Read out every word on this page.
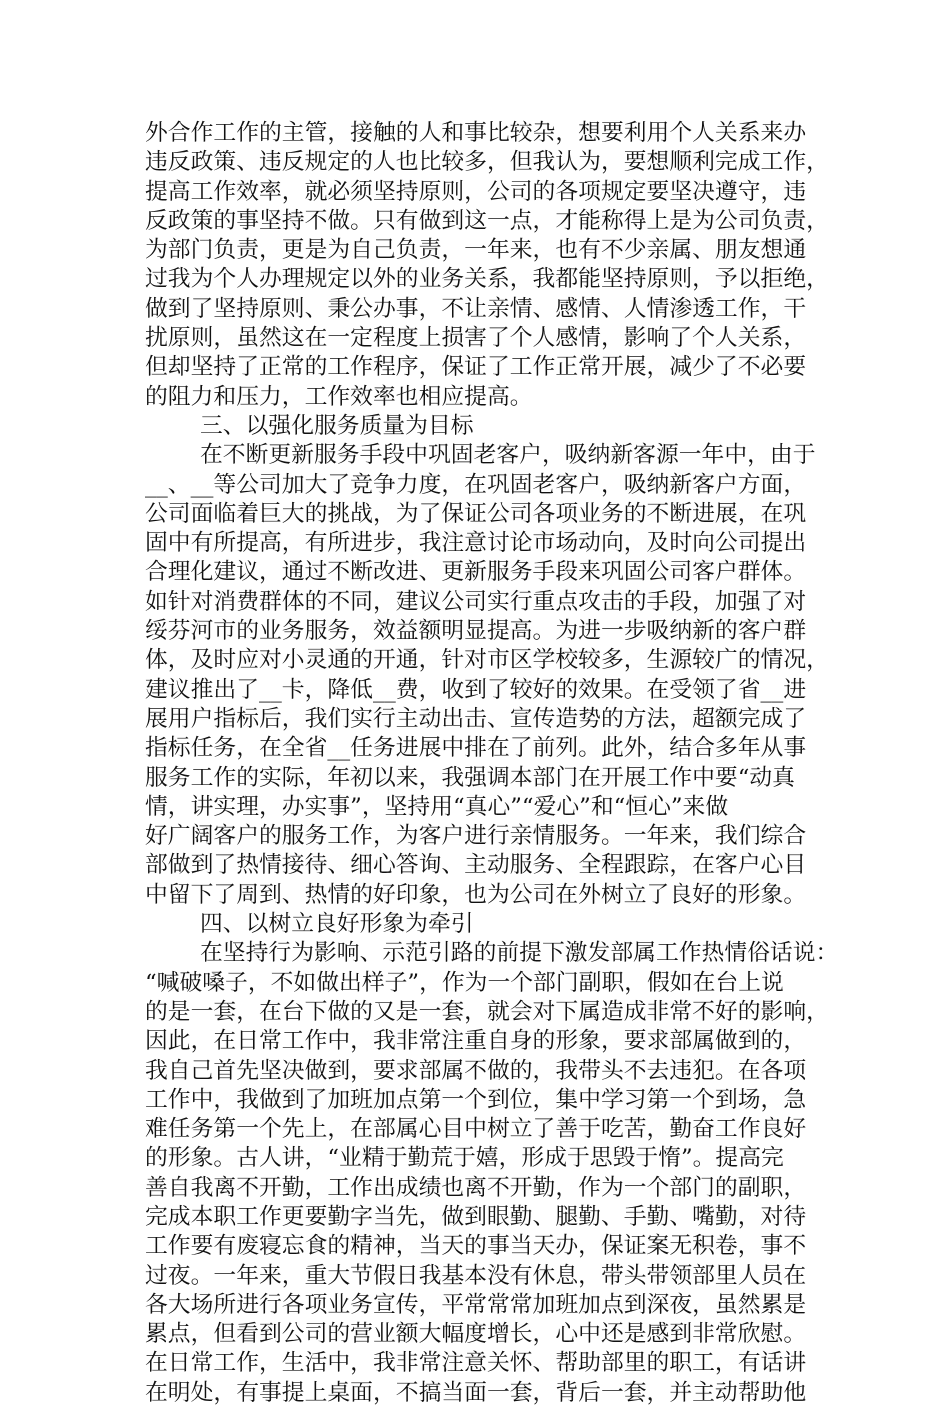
外合作工作的主管，接触的人和事比较杂，想要利用个人关系来办
违反政策、违反规定的人也比较多，但我认为，要想顺利完成工作，
提高工作效率，就必须坚持原则，公司的各项规定要坚决遵守，违
反政策的事坚持不做。只有做到这一点，才能称得上是为公司负责，
为部门负责，更是为自己负责，一年来，也有不少亲属、朋友想通
过我为个人办理规定以外的业务关系，我都能坚持原则，予以拒绝，
做到了坚持原则、秉公办事，不让亲情、感情、人情渗透工作，干
扰原则，虽然这在一定程度上损害了个人感情，影响了个人关系，
但却坚持了正常的工作程序，保证了工作正常开展，减少了不必要
的阻力和压力，工作效率也相应提高。
三、以强化服务质量为目标
在不断更新服务手段中巩固老客户，吸纳新客源一年中，由于
__、__等公司加大了竞争力度，在巩固老客户，吸纳新客户方面，
公司面临着巨大的挑战，为了保证公司各项业务的不断进展，在巩
固中有所提高，有所进步，我注意讨论市场动向，及时向公司提出
合理化建议，通过不断改进、更新服务手段来巩固公司客户群体。
如针对消费群体的不同，建议公司实行重点攻击的手段，加强了对
绥芬河市的业务服务，效益额明显提高。为进一步吸纳新的客户群
体，及时应对小灵通的开通，针对市区学校较多，生源较广的情况，
建议推出了__卡，降低__费，收到了较好的效果。在受领了省__进
展用户指标后，我们实行主动出击、宣传造势的方法，超额完成了
指标任务，在全省__任务进展中排在了前列。此外，结合多年从事
服务工作的实际，年初以来，我强调本部门在开展工作中要“动真
情，讲实理，办实事”，坚持用“真心”“爱心”和“恒心”来做
好广阔客户的服务工作，为客户进行亲情服务。一年来，我们综合
部做到了热情接待、细心答询、主动服务、全程跟踪，在客户心目
中留下了周到、热情的好印象，也为公司在外树立了良好的形象。
四、以树立良好形象为牵引
在坚持行为影响、示范引路的前提下激发部属工作热情俗话说：
“喊破嗓子，不如做出样子”，作为一个部门副职，假如在台上说
的是一套，在台下做的又是一套，就会对下属造成非常不好的影响，
因此，在日常工作中，我非常注重自身的形象，要求部属做到的，
我自己首先坚决做到，要求部属不做的，我带头不去违犯。在各项
工作中，我做到了加班加点第一个到位，集中学习第一个到场，急
难任务第一个先上，在部属心目中树立了善于吃苦，勤奋工作良好
的形象。古人讲，“业精于勤荒于嬉，形成于思毁于惰”。提高完
善自我离不开勤，工作出成绩也离不开勤，作为一个部门的副职，
完成本职工作更要勤字当先，做到眼勤、腿勤、手勤、嘴勤，对待
工作要有废寝忘食的精神，当天的事当天办，保证案无积卷，事不
过夜。一年来，重大节假日我基本没有休息，带头带领部里人员在
各大场所进行各项业务宣传，平常常常加班加点到深夜，虽然累是
累点，但看到公司的营业额大幅度增长，心中还是感到非常欣慰。
在日常工作，生活中，我非常注意关怀、帮助部里的职工，有话讲
在明处，有事提上桌面，不搞当面一套，背后一套，并主动帮助他
